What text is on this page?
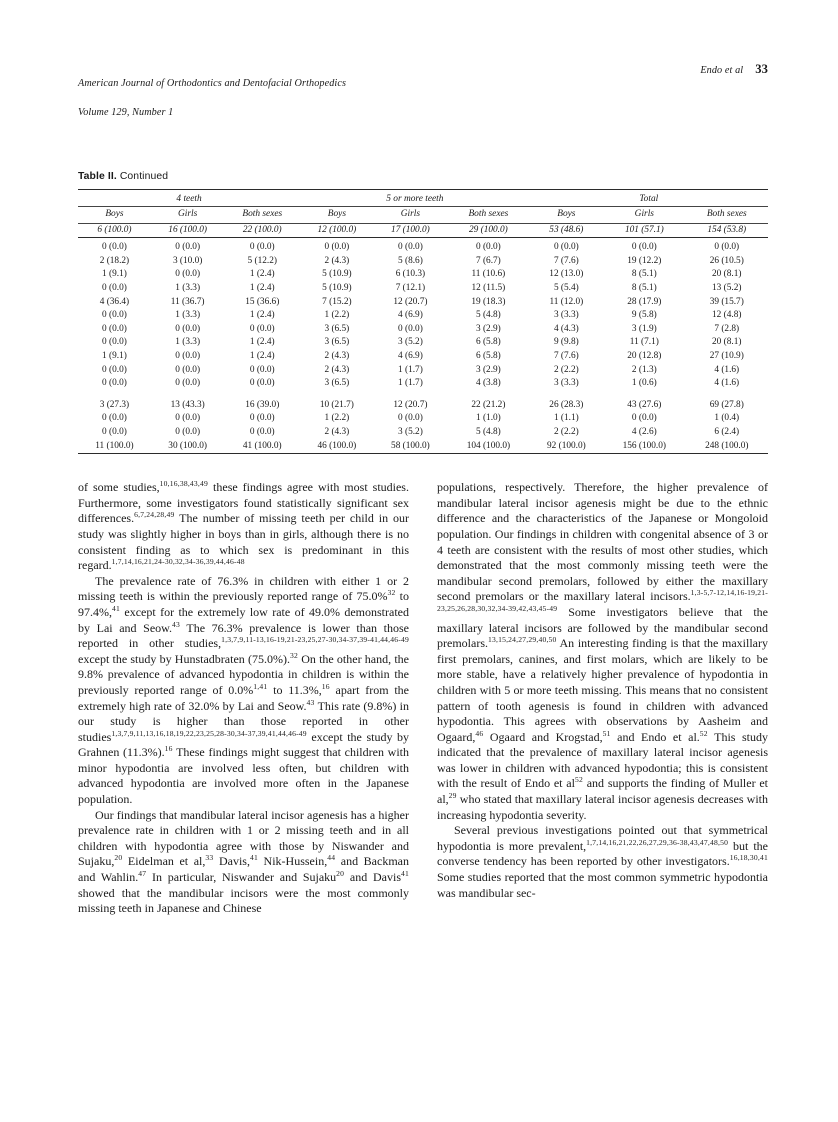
American Journal of Orthodontics and Dentofacial Orthopedics

Volume 129, Number 1

Endo et al 33
Table II. Continued

4 teeth			5 or more teeth			Total		
Boys	Girls	Both sexes	Boys	Girls	Both sexes	Boys	Girls	Both sexes
6 (100.0)	16 (100.0)	22 (100.0)	12 (100.0)	17 (100.0)	29 (100.0)	53 (48.6)	101 (57.1)	154 (53.8)

0 (0.0)	0 (0.0)	0 (0.0)	0 (0.0)	0 (0.0)	0 (0.0)	0 (0.0)	0 (0.0)	0 (0.0)
2 (18.2)	3 (10.0)	5 (12.2)	2 (4.3)	5 (8.6)	7 (6.7)	7 (7.6)	19 (12.2)	26 (10.5)
1 (9.1)	0 (0.0)	1 (2.4)	5 (10.9)	6 (10.3)	11 (10.6)	12 (13.0)	8 (5.1)	20 (8.1)
0 (0.0)	1 (3.3)	1 (2.4)	5 (10.9)	7 (12.1)	12 (11.5)	5 (5.4)	8 (5.1)	13 (5.2)
4 (36.4)	11 (36.7)	15 (36.6)	7 (15.2)	12 (20.7)	19 (18.3)	11 (12.0)	28 (17.9)	39 (15.7)
0 (0.0)	1 (3.3)	1 (2.4)	1 (2.2)	4 (6.9)	5 (4.8)	3 (3.3)	9 (5.8)	12 (4.8)
0 (0.0)	0 (0.0)	0 (0.0)	3 (6.5)	0 (0.0)	3 (2.9)	4 (4.3)	3 (1.9)	7 (2.8)
0 (0.0)	1 (3.3)	1 (2.4)	3 (6.5)	3 (5.2)	6 (5.8)	9 (9.8)	11 (7.1)	20 (8.1)
1 (9.1)	0 (0.0)	1 (2.4)	2 (4.3)	4 (6.9)	6 (5.8)	7 (7.6)	20 (12.8)	27 (10.9)
0 (0.0)	0 (0.0)	0 (0.0)	2 (4.3)	1 (1.7)	3 (2.9)	2 (2.2)	2 (1.3)	4 (1.6)
0 (0.0)	0 (0.0)	0 (0.0)	3 (6.5)	1 (1.7)	4 (3.8)	3 (3.3)	1 (0.6)	4 (1.6)

3 (27.3)	13 (43.3)	16 (39.0)	10 (21.7)	12 (20.7)	22 (21.2)	26 (28.3)	43 (27.6)	69 (27.8)
0 (0.0)	0 (0.0)	0 (0.0)	1 (2.2)	0 (0.0)	1 (1.0)	1 (1.1)	0 (0.0)	1 (0.4)
0 (0.0)	0 (0.0)	0 (0.0)	2 (4.3)	3 (5.2)	5 (4.8)	2 (2.2)	4 (2.6)	6 (2.4)
11 (100.0)	30 (100.0)	41 (100.0)	46 (100.0)	58 (100.0)	104 (100.0)	92 (100.0)	156 (100.0)	248 (100.0)

of some studies,$^{10,16,38,43,49}$ these findings agree with most studies. Furthermore, some investigators found statistically significant sex differences.$^{6,7,24,28,49}$ The number of missing teeth per child in our study was slightly higher in boys than in girls, although there is no consistent finding as to which sex is predominant in this regard.$^{1,7,14,16,21,24-30,32,34-36,39,44,46-48}$

The prevalence rate of 76.3% in children with either 1 or 2 missing teeth is within the previously reported range of 75.0%$^{32}$ to 97.4%,$^{41}$ except for the extremely low rate of 49.0% demonstrated by Lai and Seow.$^{43}$ The 76.3% prevalence is lower than those reported in other studies,$^{1,3,7,9,11-13,16-19,21-23,25,27-30,34-37,39-41,44,46-49}$ except the study by Hunstadbraten (75.0%).$^{32}$ On the other hand, the 9.8% prevalence of advanced hypodontia in children is within the previously reported range of 0.0%$^{1,41}$ to 11.3%,$^{16}$ apart from the extremely high rate of 32.0% by Lai and Seow.$^{43}$ This rate (9.8%) in our study is higher than those reported in other studies$^{1,3,7,9,11,13,16,18,19,22,23,25,28-30,34-37,39,41,44,46-49}$ except the study by Grahnen (11.3%).$^{16}$ These findings might suggest that children with minor hypodontia are involved less often, but children with advanced hypodontia are involved more often in the Japanese population.

Our findings that mandibular lateral incisor agenesis has a higher prevalence rate in children with 1 or 2 missing teeth and in all children with hypodontia agree with those by Niswander and Sujaku,$^{20}$ Eidelman et al,$^{33}$ Davis,$^{41}$ Nik-Hussein,$^{44}$ and Backman and Wahlin.$^{47}$ In particular, Niswander and Sujaku$^{20}$ and Davis$^{41}$ showed that the mandibular incisors were the most commonly missing teeth in Japanese and Chinese

populations, respectively. Therefore, the higher prevalence of mandibular lateral incisor agenesis might be due to the ethnic difference and the characteristics of the Japanese or Mongoloid population. Our findings in children with congenital absence of 3 or 4 teeth are consistent with the results of most other studies, which demonstrated that the most commonly missing teeth were the mandibular second premolars, followed by either the maxillary second premolars or the maxillary lateral incisors.$^{1,3-5,7-12,14,16-19,21-23,25,26,28,30,32,34-39,42,43,45-49}$ Some investigators believe that the maxillary lateral incisors are followed by the mandibular second premolars.$^{13,15,24,27,29,40,50}$ An interesting finding is that the maxillary first premolars, canines, and first molars, which are likely to be more stable, have a relatively higher prevalence of hypodontia in children with 5 or more teeth missing. This means that no consistent pattern of tooth agenesis is found in children with advanced hypodontia. This agrees with observations by Aasheim and Ogaard,$^{46}$ Ogaard and Krogstad,$^{51}$ and Endo et al.$^{52}$ This study indicated that the prevalence of maxillary lateral incisor agenesis was lower in children with advanced hypodontia; this is consistent with the result of Endo et $al^{52}$ and supports the finding of Muller et al,$^{29}$ who stated that maxillary lateral incisor agenesis decreases with increasing hypodontia severity.

Several previous investigations pointed out that symmetrical hypodontia is more prevalent,$^{1,7,14,16,21,22,26,27,29,36-38,43,47,48,50}$ but the converse tendency has been reported by other investigators.$^{16,18,30,41}$ Some studies reported that the most common symmetric hypodontia was mandibular sec-
